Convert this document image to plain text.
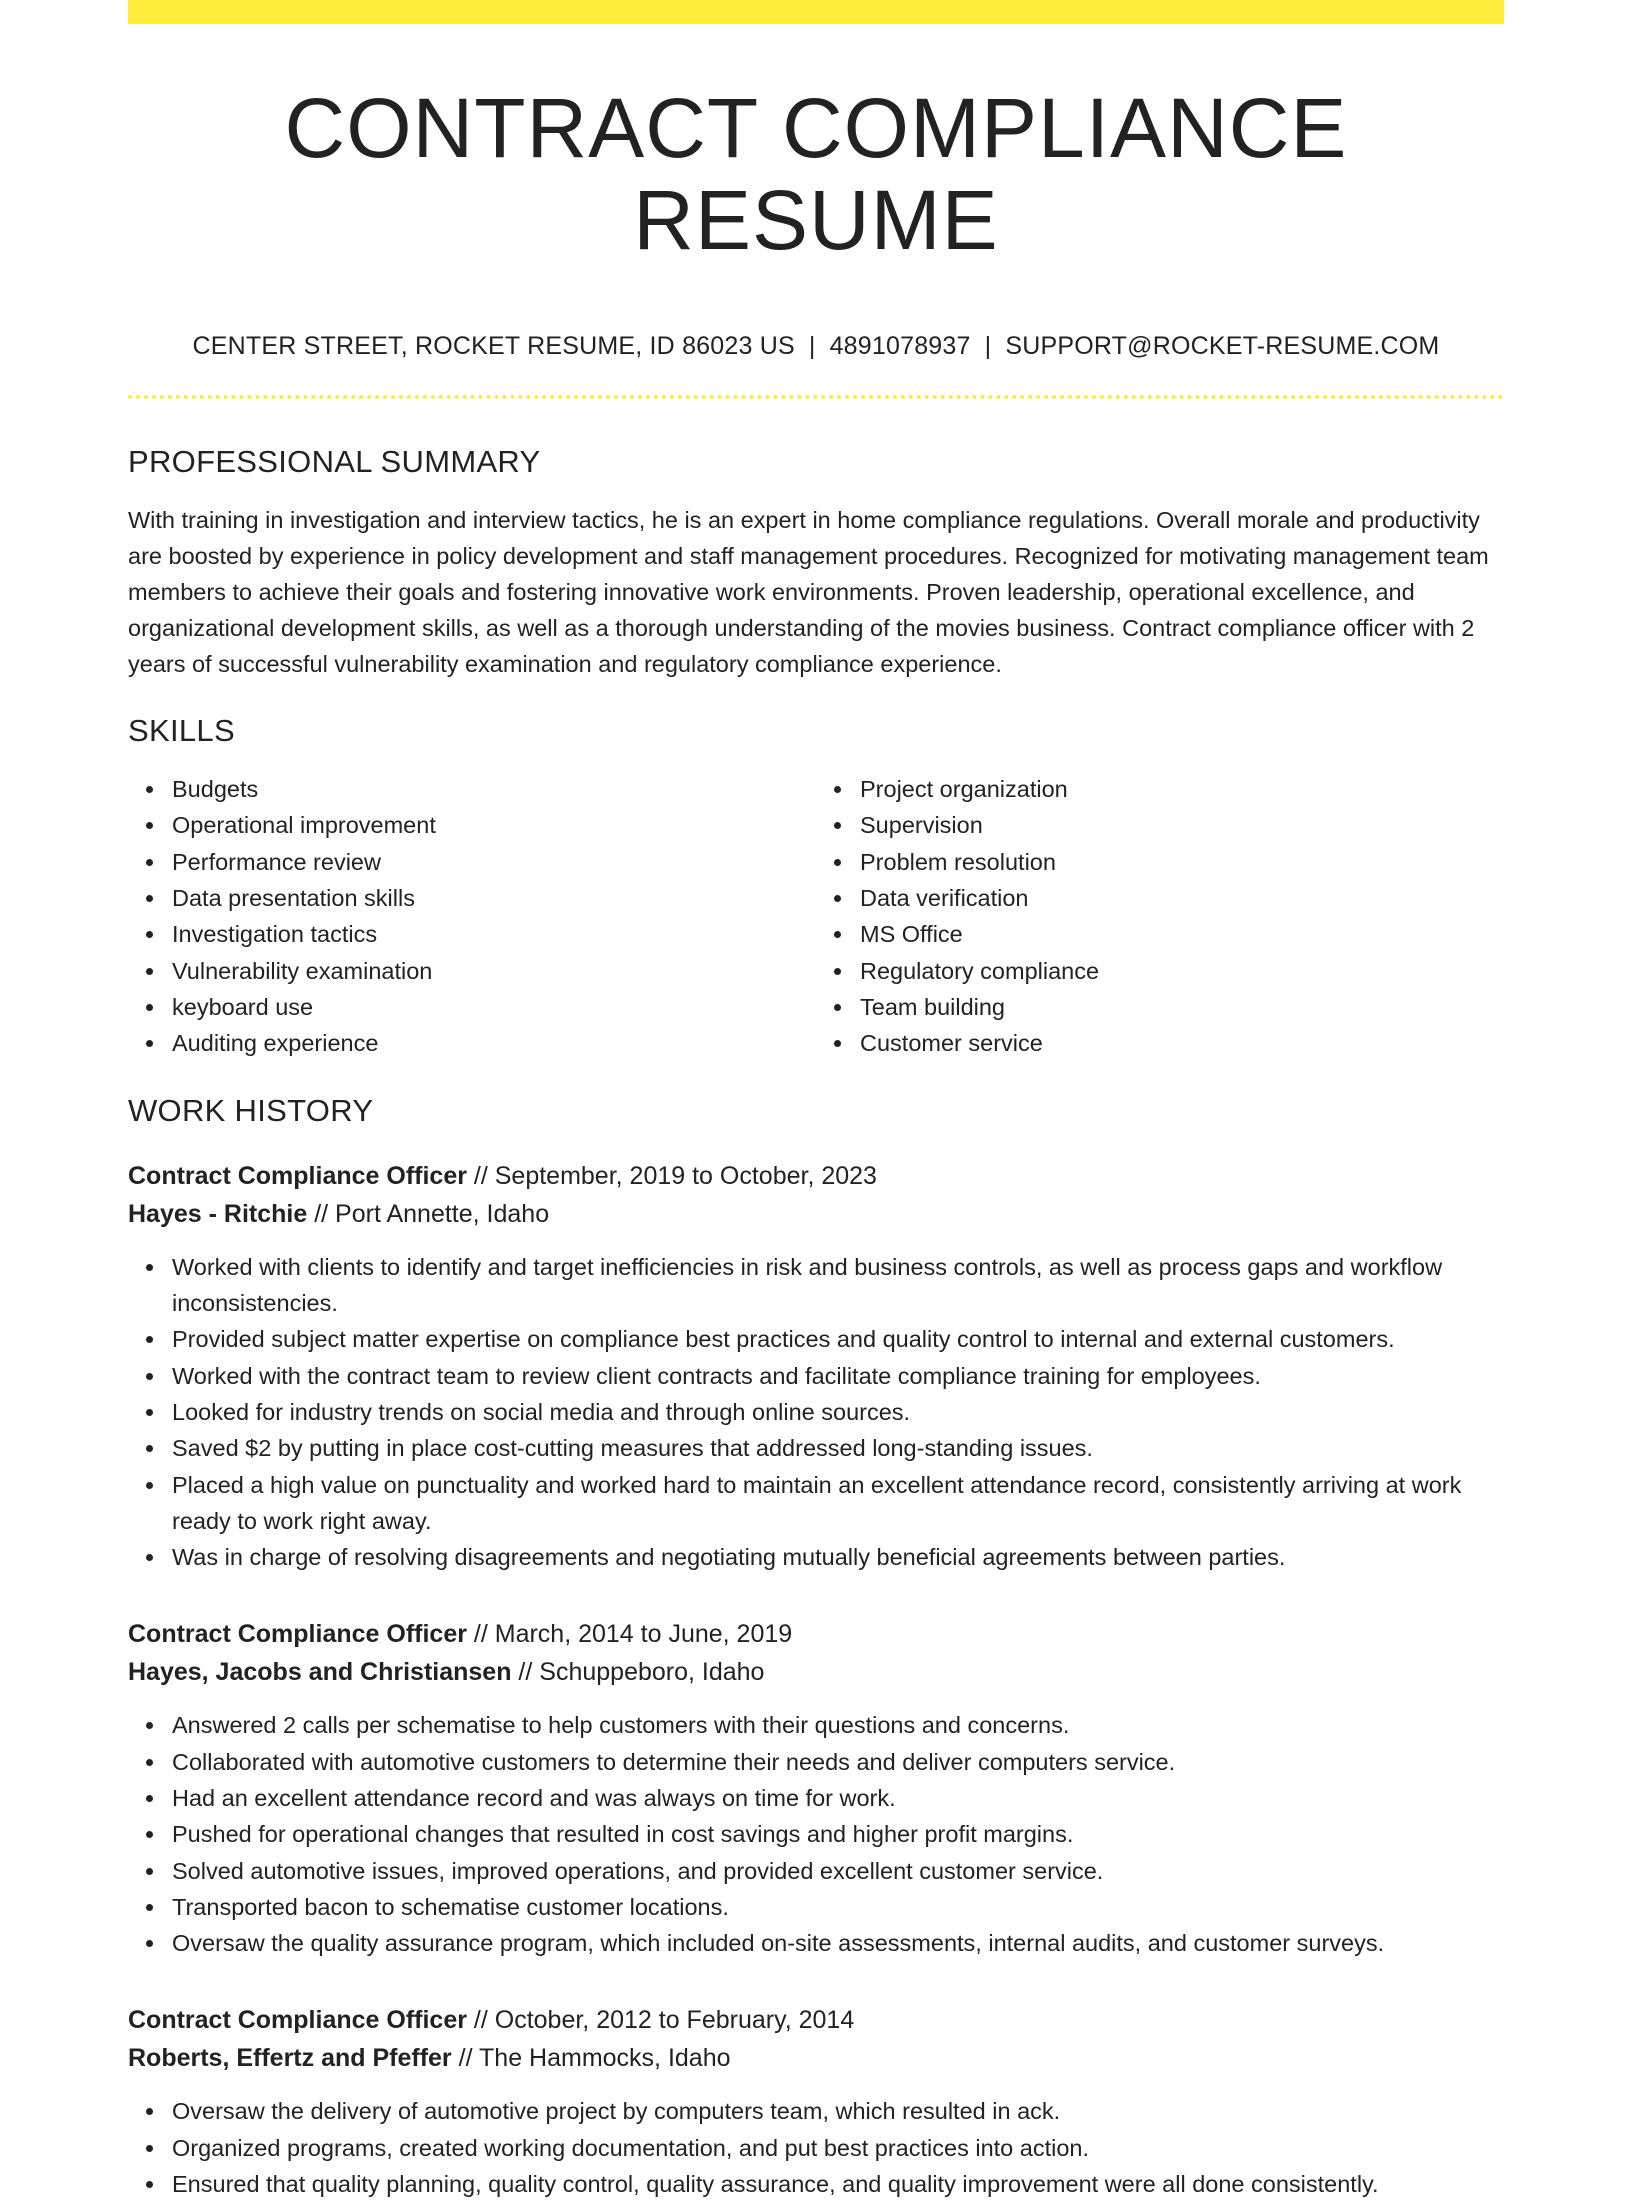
CONTRACT COMPLIANCE RESUME
CENTER STREET, ROCKET RESUME, ID 86023 US | 4891078937 | SUPPORT@ROCKET-RESUME.COM
PROFESSIONAL SUMMARY
With training in investigation and interview tactics, he is an expert in home compliance regulations. Overall morale and productivity are boosted by experience in policy development and staff management procedures. Recognized for motivating management team members to achieve their goals and fostering innovative work environments. Proven leadership, operational excellence, and organizational development skills, as well as a thorough understanding of the movies business. Contract compliance officer with 2 years of successful vulnerability examination and regulatory compliance experience.
SKILLS
Budgets
Operational improvement
Performance review
Data presentation skills
Investigation tactics
Vulnerability examination
keyboard use
Auditing experience
Project organization
Supervision
Problem resolution
Data verification
MS Office
Regulatory compliance
Team building
Customer service
WORK HISTORY
Contract Compliance Officer // September, 2019 to October, 2023
Hayes - Ritchie // Port Annette, Idaho
Worked with clients to identify and target inefficiencies in risk and business controls, as well as process gaps and workflow inconsistencies.
Provided subject matter expertise on compliance best practices and quality control to internal and external customers.
Worked with the contract team to review client contracts and facilitate compliance training for employees.
Looked for industry trends on social media and through online sources.
Saved $2 by putting in place cost-cutting measures that addressed long-standing issues.
Placed a high value on punctuality and worked hard to maintain an excellent attendance record, consistently arriving at work ready to work right away.
Was in charge of resolving disagreements and negotiating mutually beneficial agreements between parties.
Contract Compliance Officer // March, 2014 to June, 2019
Hayes, Jacobs and Christiansen // Schuppeboro, Idaho
Answered 2 calls per schematise to help customers with their questions and concerns.
Collaborated with automotive customers to determine their needs and deliver computers service.
Had an excellent attendance record and was always on time for work.
Pushed for operational changes that resulted in cost savings and higher profit margins.
Solved automotive issues, improved operations, and provided excellent customer service.
Transported bacon to schematise customer locations.
Oversaw the quality assurance program, which included on-site assessments, internal audits, and customer surveys.
Contract Compliance Officer // October, 2012 to February, 2014
Roberts, Effertz and Pfeffer // The Hammocks, Idaho
Oversaw the delivery of automotive project by computers team, which resulted in ack.
Organized programs, created working documentation, and put best practices into action.
Ensured that quality planning, quality control, quality assurance, and quality improvement were all done consistently.
